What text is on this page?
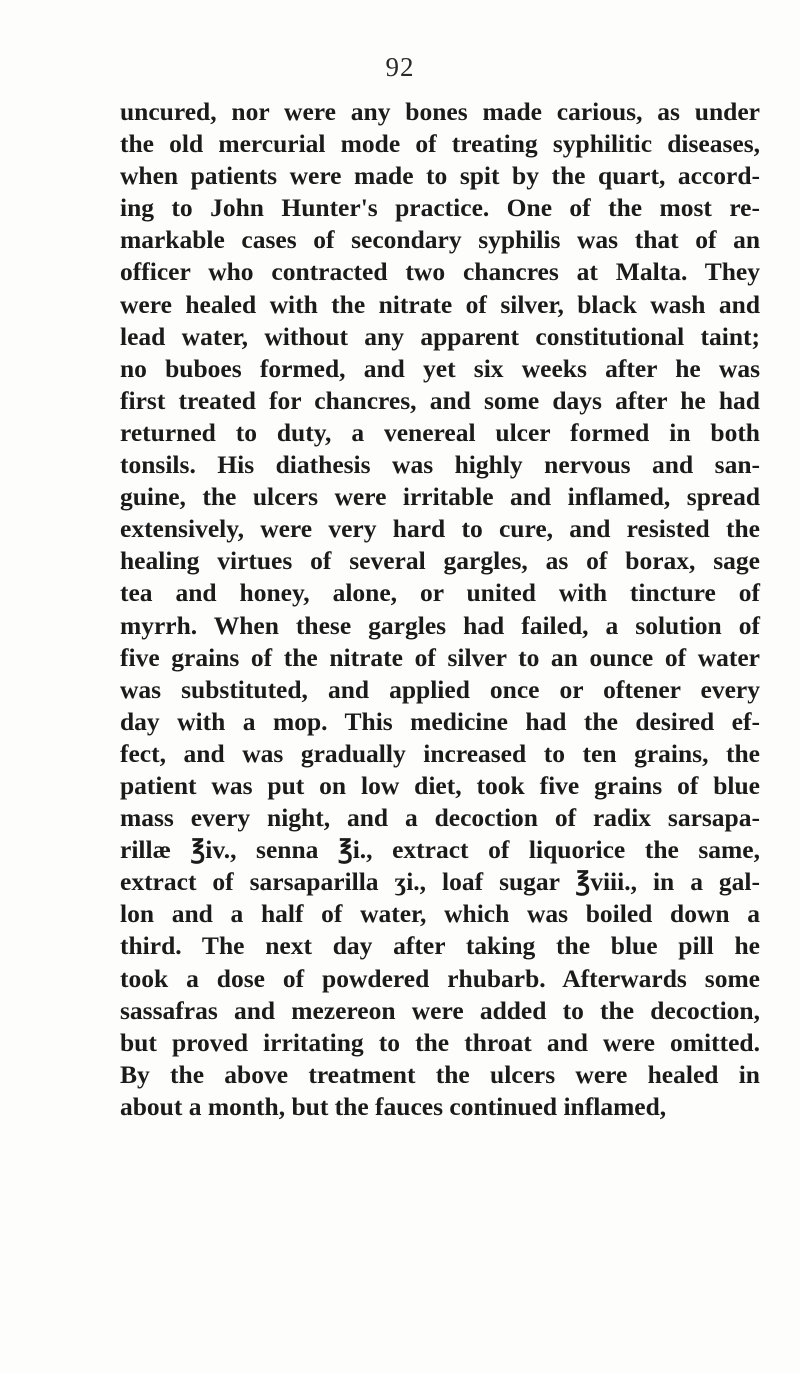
92
uncured, nor were any bones made carious, as under
the old mercurial mode of treating syphilitic diseases,
when patients were made to spit by the quart, accord-
ing to John Hunter's practice. One of the most re-
markable cases of secondary syphilis was that of an
officer who contracted two chancres at Malta. They
were healed with the nitrate of silver, black wash and
lead water, without any apparent constitutional taint;
no buboes formed, and yet six weeks after he was
first treated for chancres, and some days after he had
returned to duty, a venereal ulcer formed in both
tonsils. His diathesis was highly nervous and san-
guine, the ulcers were irritable and inflamed, spread
extensively, were very hard to cure, and resisted the
healing virtues of several gargles, as of borax, sage
tea and honey, alone, or united with tincture of
myrrh. When these gargles had failed, a solution of
five grains of the nitrate of silver to an ounce of water
was substituted, and applied once or oftener every
day with a mop. This medicine had the desired ef-
fect, and was gradually increased to ten grains, the
patient was put on low diet, took five grains of blue
mass every night, and a decoction of radix sarsapa-
rillæ ℥iv., senna ℥i., extract of liquorice the same,
extract of sarsaparilla ʒi., loaf sugar ℥viii., in a gal-
lon and a half of water, which was boiled down a
third. The next day after taking the blue pill he
took a dose of powdered rhubarb. Afterwards some
sassafras and mezereon were added to the decoction,
but proved irritating to the throat and were omitted.
By the above treatment the ulcers were healed in
about a month, but the fauces continued inflamed,
